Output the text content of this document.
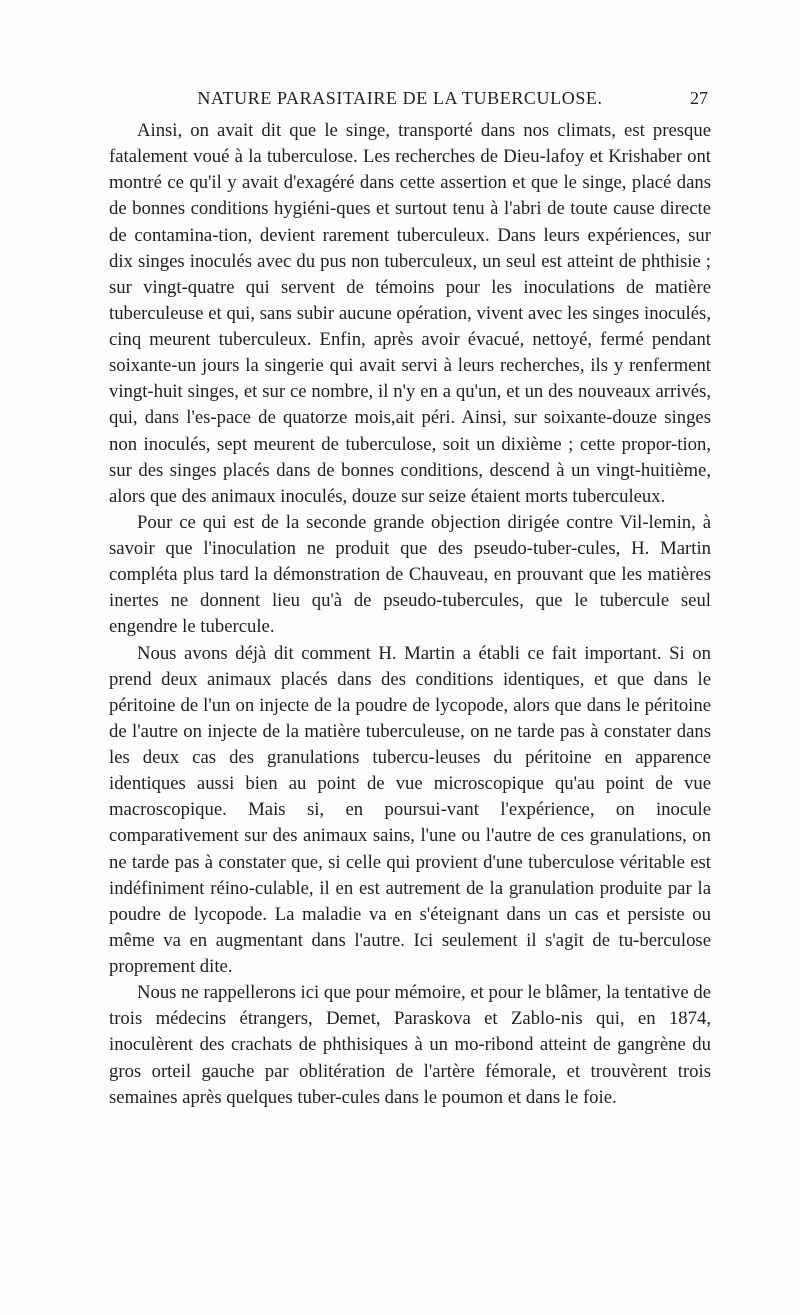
NATURE PARASITAIRE DE LA TUBERCULOSE.	27

Ainsi, on avait dit que le singe, transporté dans nos climats, est presque fatalement voué à la tuberculose. Les recherches de Dieu-lafoy et Krishaber ont montré ce qu'il y avait d'exagéré dans cette assertion et que le singe, placé dans de bonnes conditions hygiéni-ques et surtout tenu à l'abri de toute cause directe de contamina-tion, devient rarement tuberculeux. Dans leurs expériences, sur dix singes inoculés avec du pus non tuberculeux, un seul est atteint de phthisie ; sur vingt-quatre qui servent de témoins pour les inoculations de matière tuberculeuse et qui, sans subir aucune opération, vivent avec les singes inoculés, cinq meurent tuberculeux. Enfin, après avoir évacué, nettoyé, fermé pendant soixante-un jours la singerie qui avait servi à leurs recherches, ils y renferment vingt-huit singes, et sur ce nombre, il n'y en a qu'un, et un des nouveaux arrivés, qui, dans l'es-pace de quatorze mois,ait péri. Ainsi, sur soixante-douze singes non inoculés, sept meurent de tuberculose, soit un dixième ; cette propor-tion, sur des singes placés dans de bonnes conditions, descend à un vingt-huitième, alors que des animaux inoculés, douze sur seize étaient morts tuberculeux.

Pour ce qui est de la seconde grande objection dirigée contre Vil-lemin, à savoir que l'inoculation ne produit que des pseudo-tuber-cules, H. Martin compléta plus tard la démonstration de Chauveau, en prouvant que les matières inertes ne donnent lieu qu'à de pseudo-tubercules, que le tubercule seul engendre le tubercule.

Nous avons déjà dit comment H. Martin a établi ce fait important. Si on prend deux animaux placés dans des conditions identiques, et que dans le péritoine de l'un on injecte de la poudre de lycopode, alors que dans le péritoine de l'autre on injecte de la matière tuberculeuse, on ne tarde pas à constater dans les deux cas des granulations tubercu-leuses du péritoine en apparence identiques aussi bien au point de vue microscopique qu'au point de vue macroscopique. Mais si, en poursui-vant l'expérience, on inocule comparativement sur des animaux sains, l'une ou l'autre de ces granulations, on ne tarde pas à constater que, si celle qui provient d'une tuberculose véritable est indéfiniment réino-culable, il en est autrement de la granulation produite par la poudre de lycopode. La maladie va en s'éteignant dans un cas et persiste ou même va en augmentant dans l'autre. Ici seulement il s'agit de tu-berculose proprement dite.

Nous ne rappellerons ici que pour mémoire, et pour le blâmer, la tentative de trois médecins étrangers, Demet, Paraskova et Zablo-nis qui, en 1874, inoculèrent des crachats de phthisiques à un mo-ribond atteint de gangrène du gros orteil gauche par oblitération de l'artère fémorale, et trouvèrent trois semaines après quelques tuber-cules dans le poumon et dans le foie.
